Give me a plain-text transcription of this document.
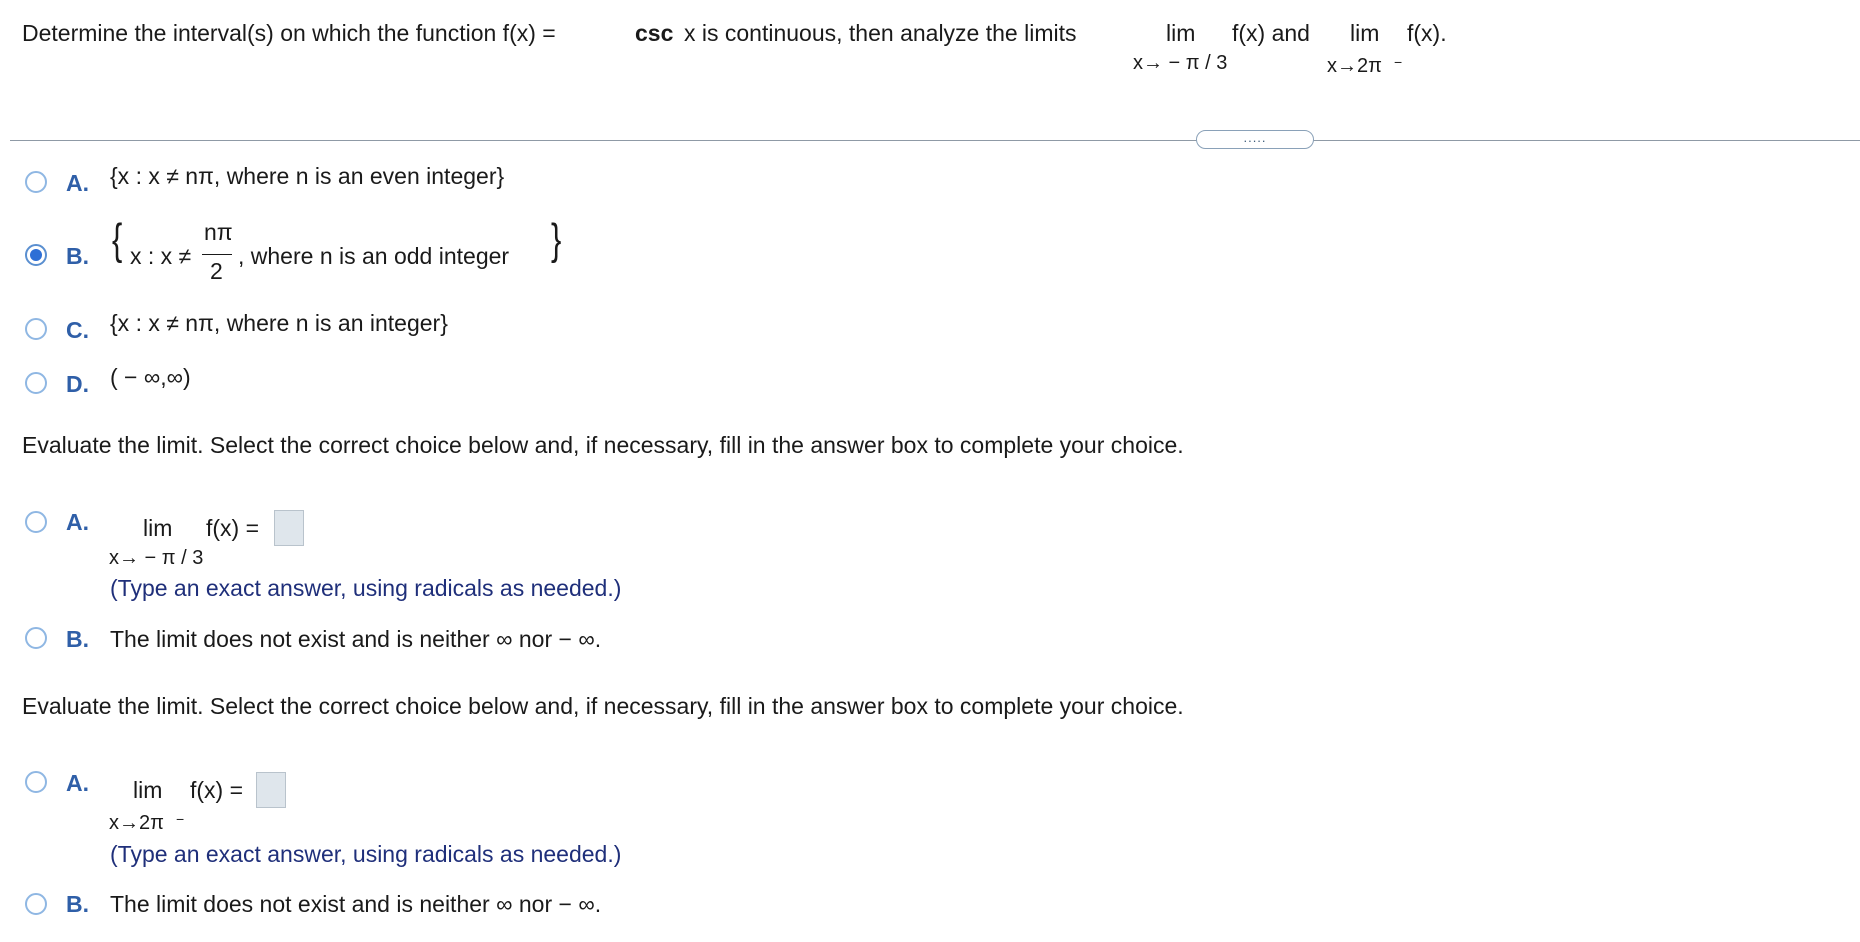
Determine the interval(s) on which the function f(x) =	csc x is continuous, then analyze the limits	lim
x→ − π / 3
f(x) and lim
x→2π −
f(x).
.....
A. {x : x ≠ nπ, where n is an even integer}
B. { x : x ≠
nπ
2
, where n is an odd integer }
C. {x : x ≠ nπ, where n is an integer}
D. ( − ∞,∞)
Evaluate the limit. Select the correct choice below and, if necessary, fill in the answer box to complete your choice.
A. lim f(x) =
x→ − π / 3
(Type an exact answer, using radicals as needed.)
B. The limit does not exist and is neither ∞ nor − ∞.
Evaluate the limit. Select the correct choice below and, if necessary, fill in the answer box to complete your choice.
A. lim f(x) =
x→2π −
(Type an exact answer, using radicals as needed.)
B. The limit does not exist and is neither ∞ nor − ∞.
